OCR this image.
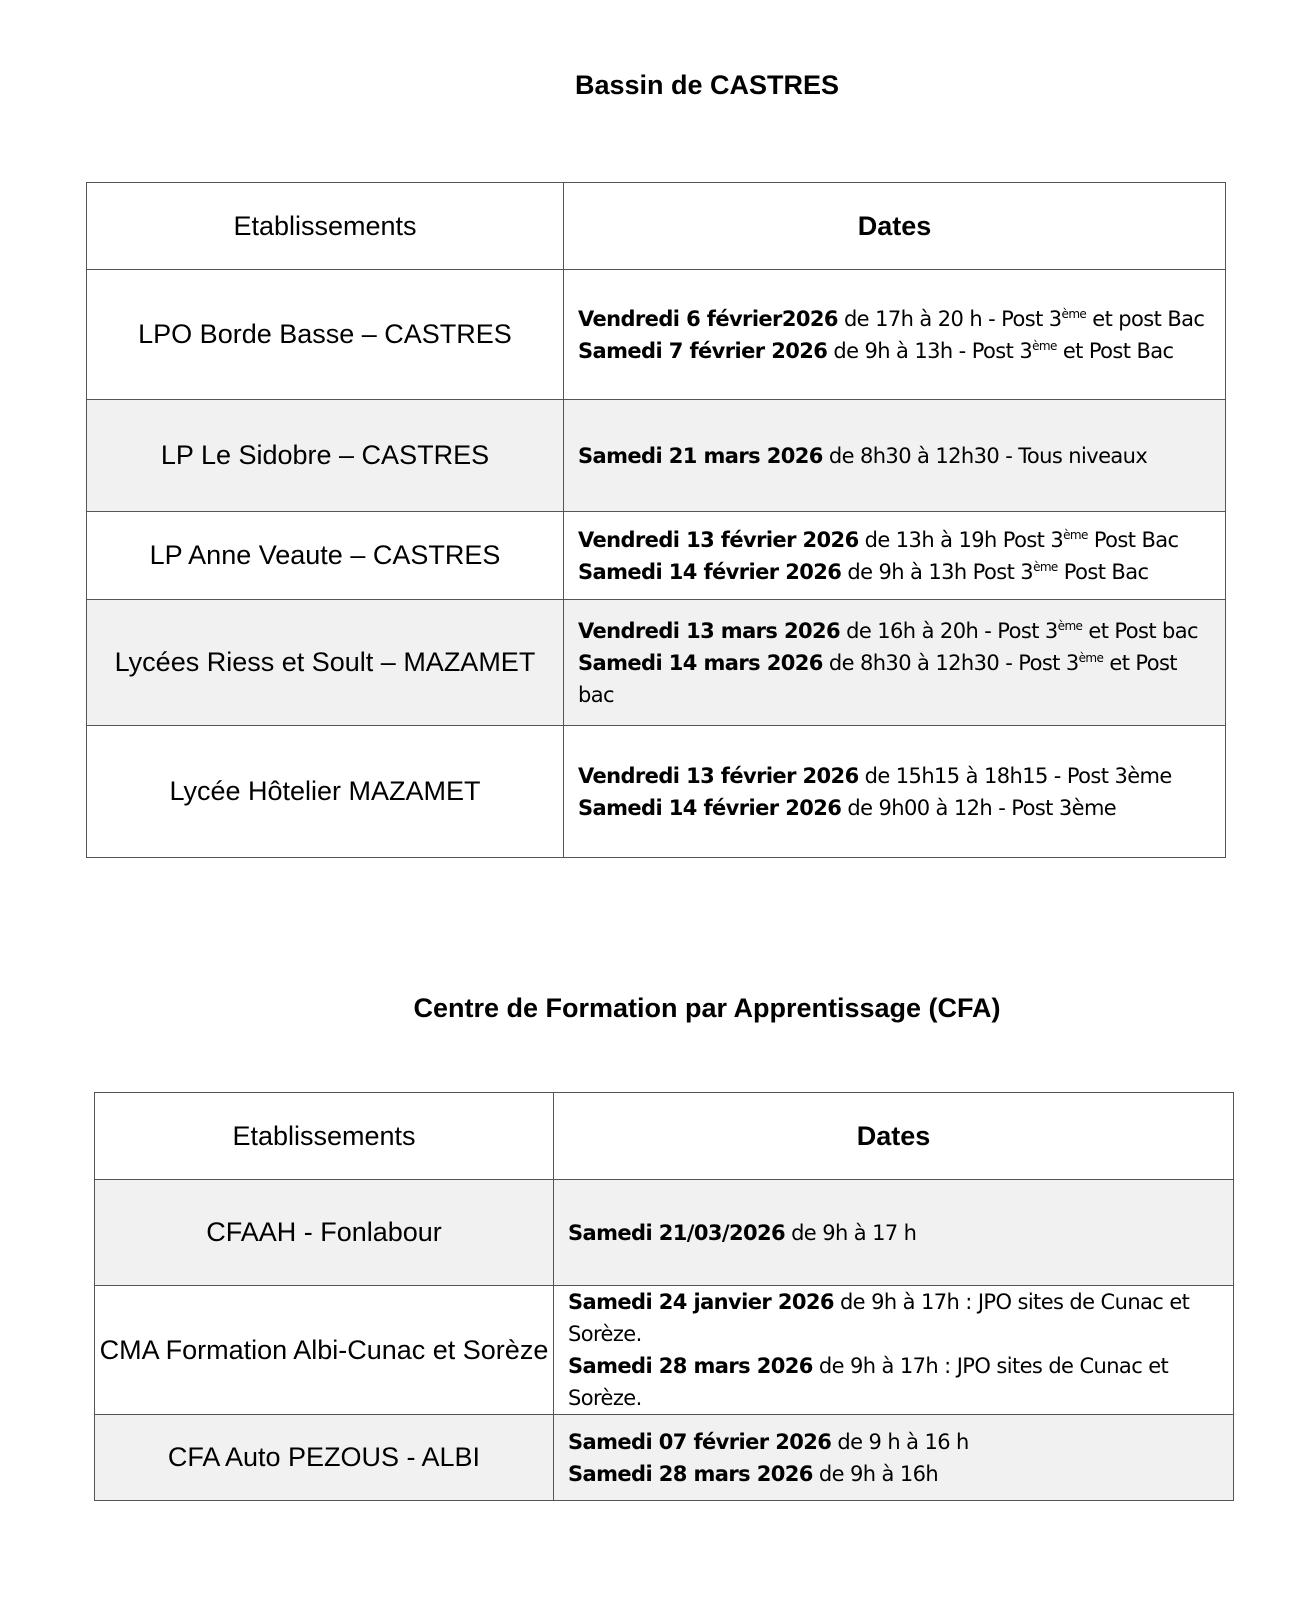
Bassin de CASTRES
Etablissements	Dates
LPO Borde Basse – CASTRES	Vendredi 6 février2026 de 17h à 20 h - Post 3ème et post Bac
Samedi 7 février 2026 de 9h à 13h - Post 3ème et Post Bac

LP Le Sidobre – CASTRES	Samedi 21 mars 2026 de 8h30 à 12h30 - Tous niveaux

LP Anne Veaute – CASTRES	Vendredi 13 février 2026 de 13h à 19h Post 3ème Post Bac
Samedi 14 février 2026 de 9h à 13h Post 3ème Post Bac

Lycées Riess et Soult – MAZAMET	Vendredi 13 mars 2026 de 16h à 20h - Post 3ème et Post bac
Samedi 14 mars 2026 de 8h30 à 12h30 - Post 3ème et Post bac

Lycée Hôtelier MAZAMET	Vendredi 13 février 2026 de 15h15 à 18h15 - Post 3ème
Samedi 14 février 2026 de 9h00 à 12h - Post 3ème
Centre de Formation par Apprentissage (CFA)
Etablissements	Dates
CFAAH - Fonlabour	Samedi 21/03/2026 de 9h à 17 h

CMA Formation Albi-Cunac et Sorèze	Samedi 24 janvier 2026 de 9h à 17h : JPO sites de Cunac et Sorèze.
Samedi 28 mars 2026 de 9h à 17h : JPO sites de Cunac et Sorèze.

CFA Auto PEZOUS - ALBI	Samedi 07 février 2026 de 9 h à 16 h
Samedi 28 mars 2026 de 9h à 16h
